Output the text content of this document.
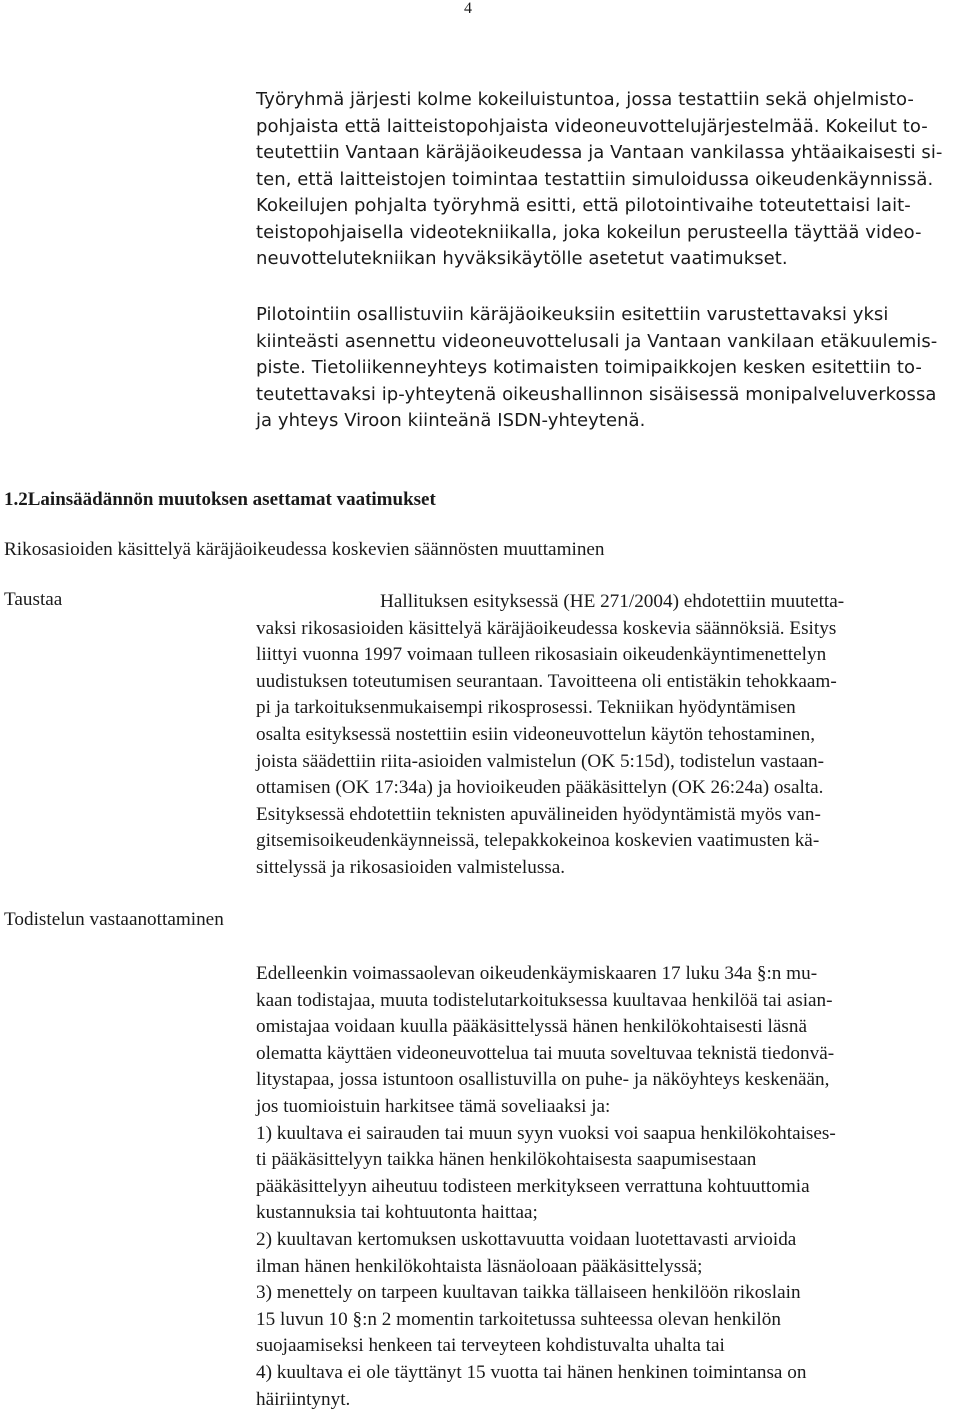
4
Työryhmä järjesti kolme kokeiluistuntoa, jossa testattiin sekä ohjelmisto-
pohjaista että laitteistopohjaista videoneuvottelujärjestelmää. Kokeilut to-
teutettiin Vantaan käräjäoikeudessa ja Vantaan vankilassa yhtäaikaisesti si-
ten, että laitteistojen toimintaa testattiin simuloidussa oikeudenkäynnissä.
Kokeilujen pohjalta työryhmä esitti, että pilotointivaihe toteutettaisi lait-
teistopohjaisella videotekniikalla, joka kokeilun perusteella täyttää video-
neuvottelutekniikan hyväksikäytölle asetetut vaatimukset.
Pilotointiin osallistuviin käräjäoikeuksiin esitettiin varustettavaksi yksi
kiinteästi asennettu videoneuvottelusali ja Vantaan vankilaan etäkuulemis-
piste. Tietoliikenneyhteys kotimaisten toimipaikkojen kesken esitettiin to-
teutettavaksi ip-yhteytenä oikeushallinnon sisäisessä monipalveluverkossa
ja yhteys Viroon kiinteänä ISDN-yhteytenä.
1.2Lainsäädännön muutoksen asettamat vaatimukset
Rikosasioiden käsittelyä käräjäoikeudessa koskevien säännösten muuttaminen
Taustaa	Hallituksen esityksessä (HE 271/2004) ehdotettiin muutetta-
vaksi rikosasioiden käsittelyä käräjäoikeudessa koskevia säännöksiä. Esitys
liittyi vuonna 1997 voimaan tulleen rikosasiain oikeudenkäyntimenettelyn
uudistuksen toteutumisen seurantaan. Tavoitteena oli entistäkin tehokkaam-
pi ja tarkoituksenmukaisempi rikosprosessi. Tekniikan hyödyntämisen
osalta esityksessä nostettiin esiin videoneuvottelun käytön tehostaminen,
joista säädettiin riita-asioiden valmistelun (OK 5:15d), todistelun vastaan-
ottamisen (OK 17:34a) ja hovioikeuden pääkäsittelyn (OK 26:24a) osalta.
Esityksessä ehdotettiin teknisten apuvälineiden hyödyntämistä myös van-
gitsemisoikeudenkäynneissä, telepakkokeinoa koskevien vaatimusten kä-
sittelyssä ja rikosasioiden valmistelussa.
Todistelun vastaanottaminen
Edelleenkin voimassaolevan oikeudenkäymiskaaren 17 luku 34a §:n mu-
kaan todistajaa, muuta todistelutarkoituksessa kuultavaa henkilöä tai asian-
omistajaa voidaan kuulla pääkäsittelyssä hänen henkilökohtaisesti läsnä
olematta käyttäen videoneuvottelua tai muuta soveltuvaa teknistä tiedonvä-
litystapaa, jossa istuntoon osallistuvilla on puhe- ja näköyhteys keskenään,
jos tuomioistuin harkitsee tämä soveliaaksi ja:
1) kuultava ei sairauden tai muun syyn vuoksi voi saapua henkilökohtaises-
ti pääkäsittelyyn taikka hänen henkilökohtaisesta saapumisestaan
pääkäsittelyyn aiheutuu todisteen merkitykseen verrattuna kohtuuttomia
kustannuksia tai kohtuutonta haittaa;
2) kuultavan kertomuksen uskottavuutta voidaan luotettavasti arvioida
ilman hänen henkilökohtaista läsnäoloaan pääkäsittelyssä;
3) menettely on tarpeen kuultavan taikka tällaiseen henkilöön rikoslain
15 luvun 10 §:n 2 momentin tarkoitetussa suhteessa olevan henkilön
suojaamiseksi henkeen tai terveyteen kohdistuvalta uhalta tai
4) kuultava ei ole täyttänyt 15 vuotta tai hänen henkinen toimintansa on
häiriintynyt.
